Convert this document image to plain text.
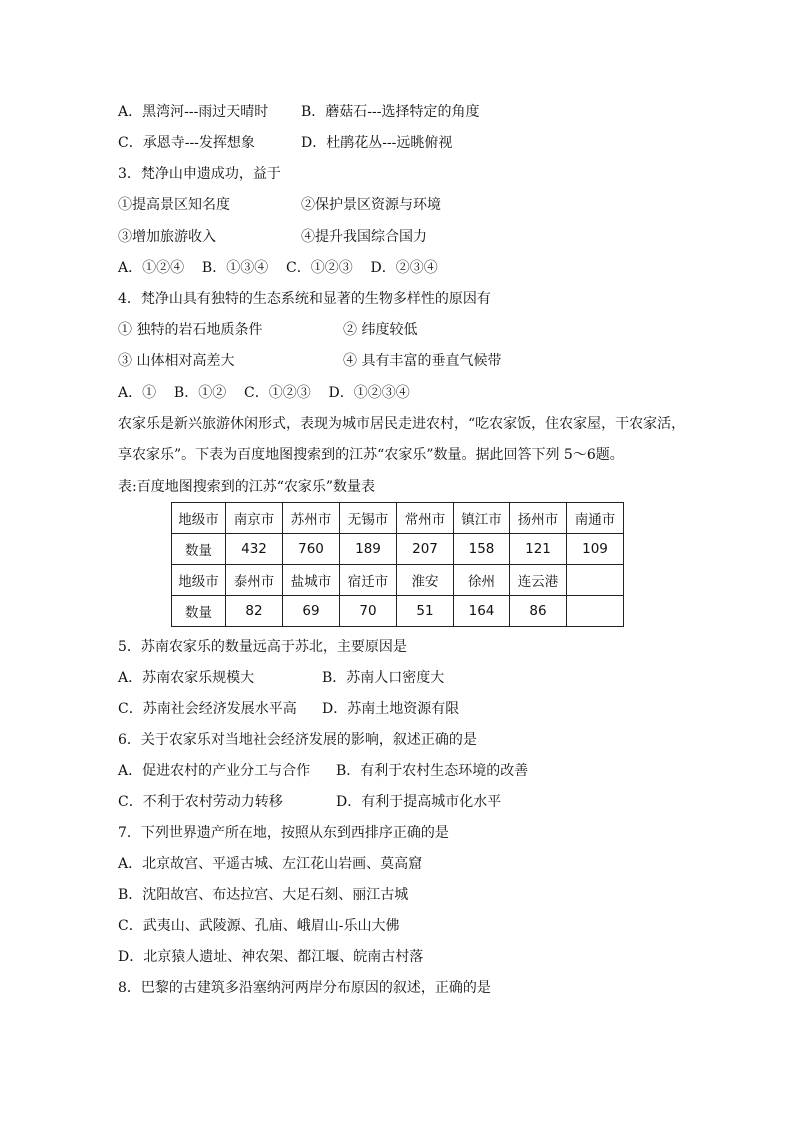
A．黑湾河---雨过天晴时 B．蘑菇石---选择特定的角度
C．承恩寺---发挥想象	D．杜鹃花丛---远眺俯视
3．梵净山申遗成功，益于
①提高景区知名度	②保护景区资源与环境
③增加旅游收入	④提升我国综合国力
A．①②④    B．①③④    C．①②③    D．②③④
4．梵净山具有独特的生态系统和显著的生物多样性的原因有
① 独特的岩石地质条件	② 纬度较低
③ 山体相对高差大	④ 具有丰富的垂直气候带
A．①    B．①②    C．①②③    D．①②③④
农家乐是新兴旅游休闲形式，表现为城市居民走进农村，“吃农家饭，住农家屋，干农家活，
享农家乐”。下表为百度地图搜索到的江苏“农家乐”数量。据此回答下列 5～6题。
表:百度地图搜索到的江苏“农家乐”数量表
地级市	南京市	苏州市	无锡市	常州市	镇江市	扬州市	南通市
数量	432	760	189	207	158	121	109
地级市	泰州市	盐城市	宿迁市	淮安	徐州	连云港	
数量	82	69	70	51	164	86	
5．苏南农家乐的数量远高于苏北，主要原因是
A．苏南农家乐规模大	B．苏南人口密度大
C．苏南社会经济发展水平高 D．苏南土地资源有限
6．关于农家乐对当地社会经济发展的影响，叙述正确的是
A．促进农村的产业分工与合作 B．有利于农村生态环境的改善
C．不利于农村劳动力转移	D．有利于提高城市化水平
7．下列世界遗产所在地，按照从东到西排序正确的是
A．北京故宫、平遥古城、左江花山岩画、莫高窟
B．沈阳故宫、布达拉宫、大足石刻、丽江古城
C．武夷山、武陵源、孔庙、峨眉山-乐山大佛
D．北京猿人遗址、神农架、都江堰、皖南古村落
8．巴黎的古建筑多沿塞纳河两岸分布原因的叙述，正确的是
